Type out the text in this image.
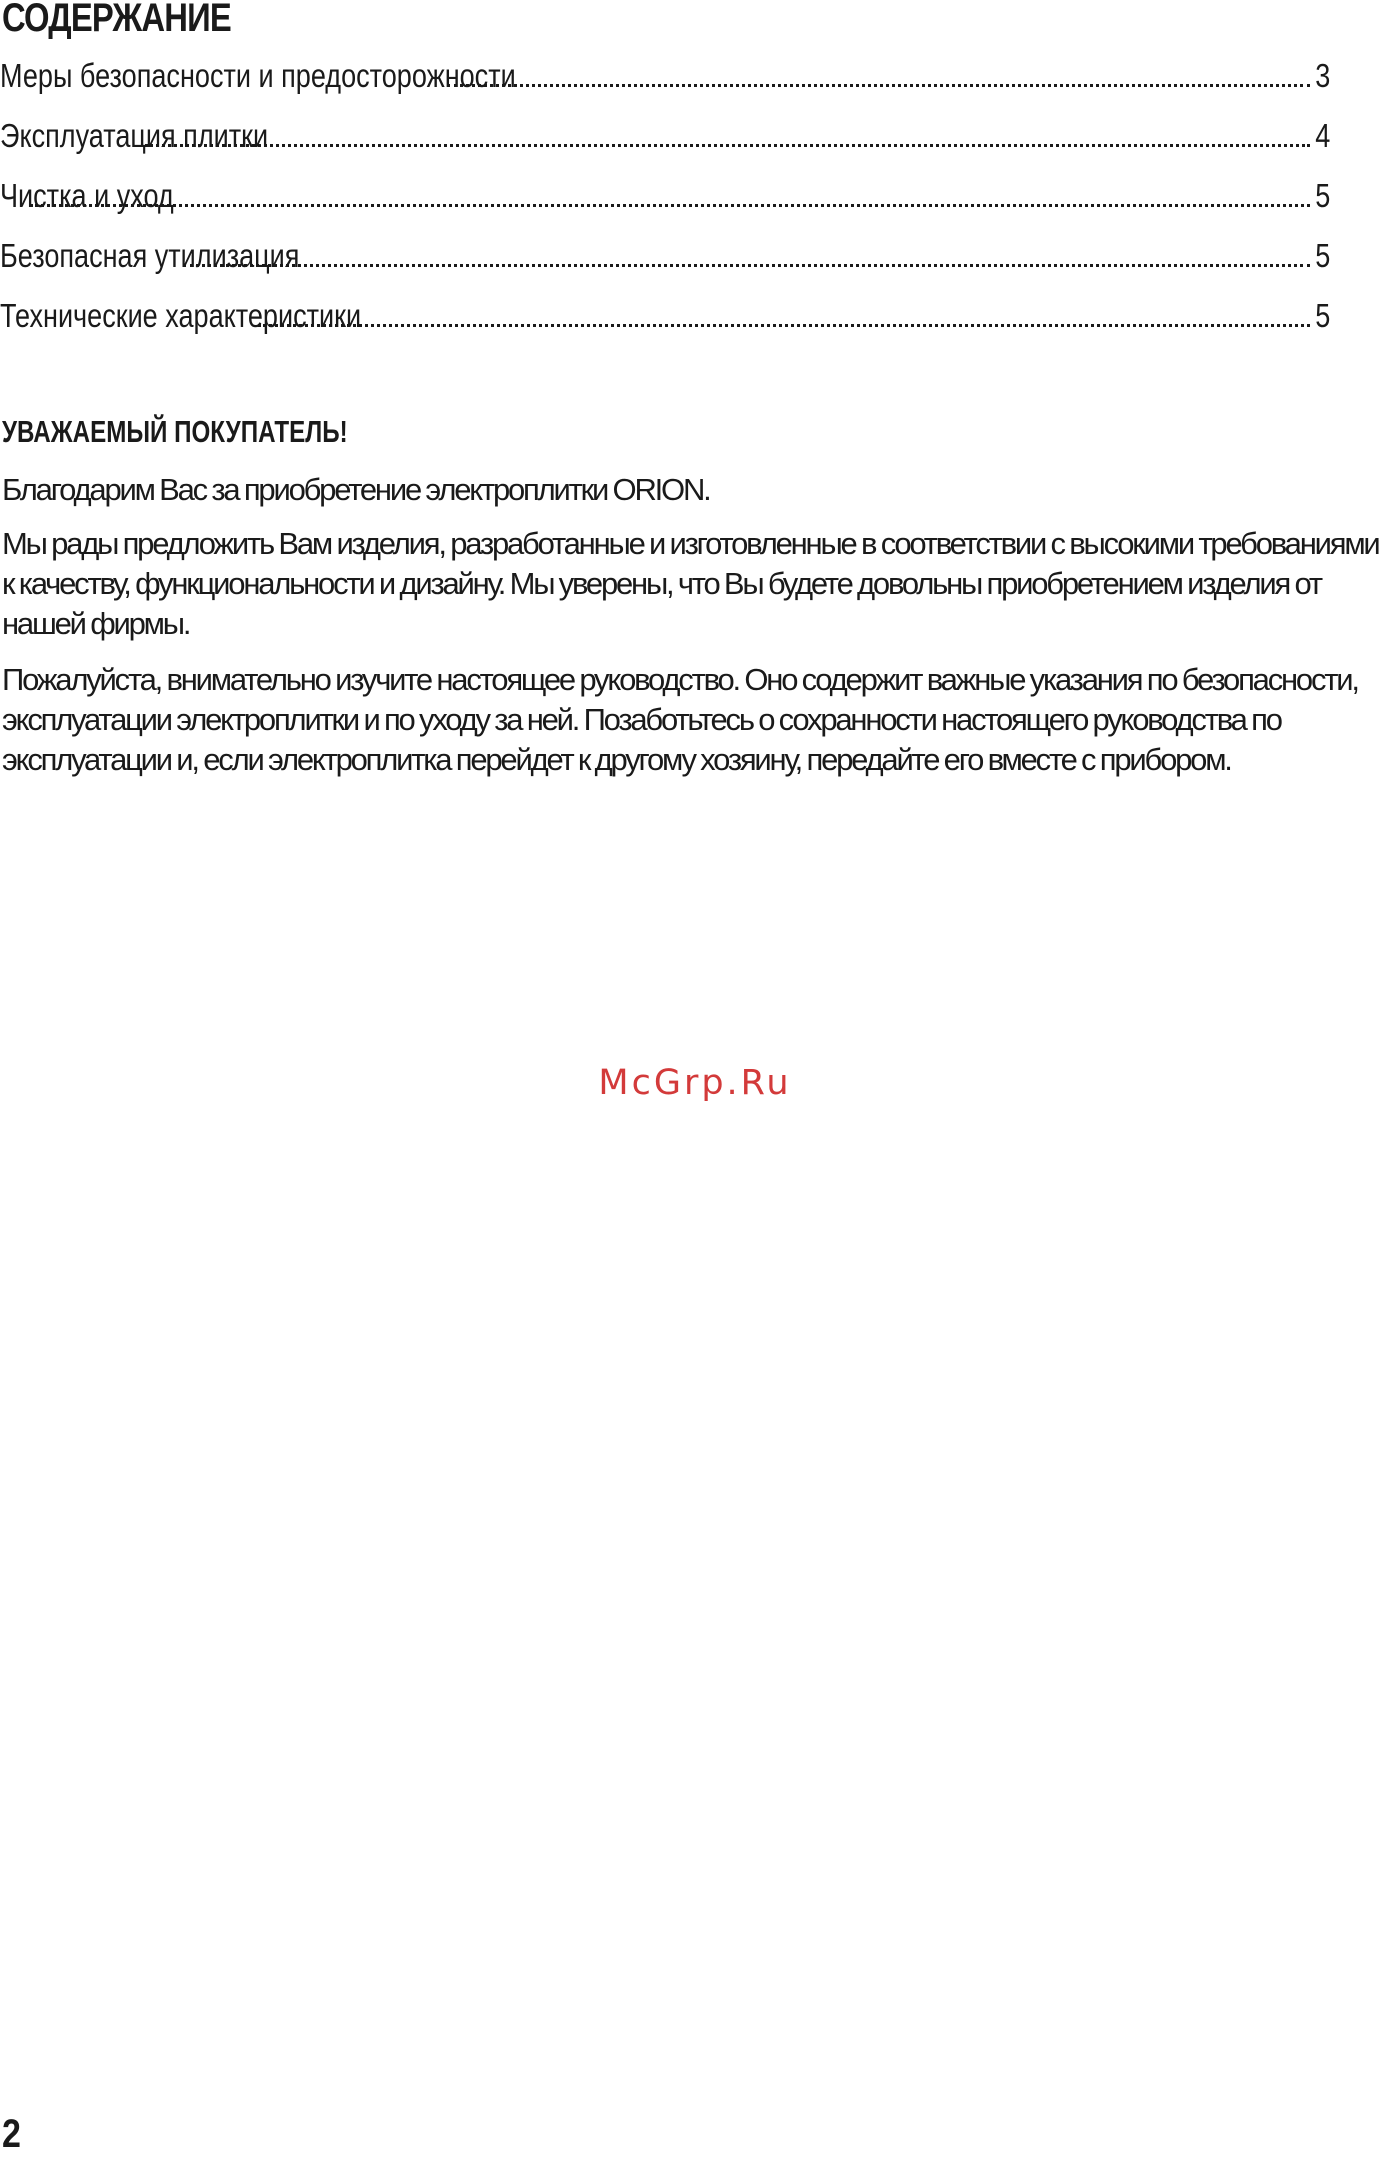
СОДЕРЖАНИЕ
Меры безопасности и предосторожности	3
Эксплуатация плитки	4
Чистка и уход	5
Безопасная утилизация	5
Технические характеристики	5
УВАЖАЕМЫЙ ПОКУПАТЕЛЬ!

Благодарим Вас за приобретение электроплитки ORION.

Мы рады предложить Вам изделия, разработанные и изготовленные в соответствии с высокими требованиями к качеству, функциональности и дизайну. Мы уверены, что Вы будете довольны приобретением изделия от нашей фирмы.

Пожалуйста, внимательно изучите настоящее руководство. Оно содержит важные указания по безопасности, эксплуатации электроплитки и по уходу за ней. Позаботьтесь о сохранности настоящего руководства по эксплуатации и, если электроплитка перейдет к другому хозяину, передайте его вместе с прибором.

McGrp.Ru
2
